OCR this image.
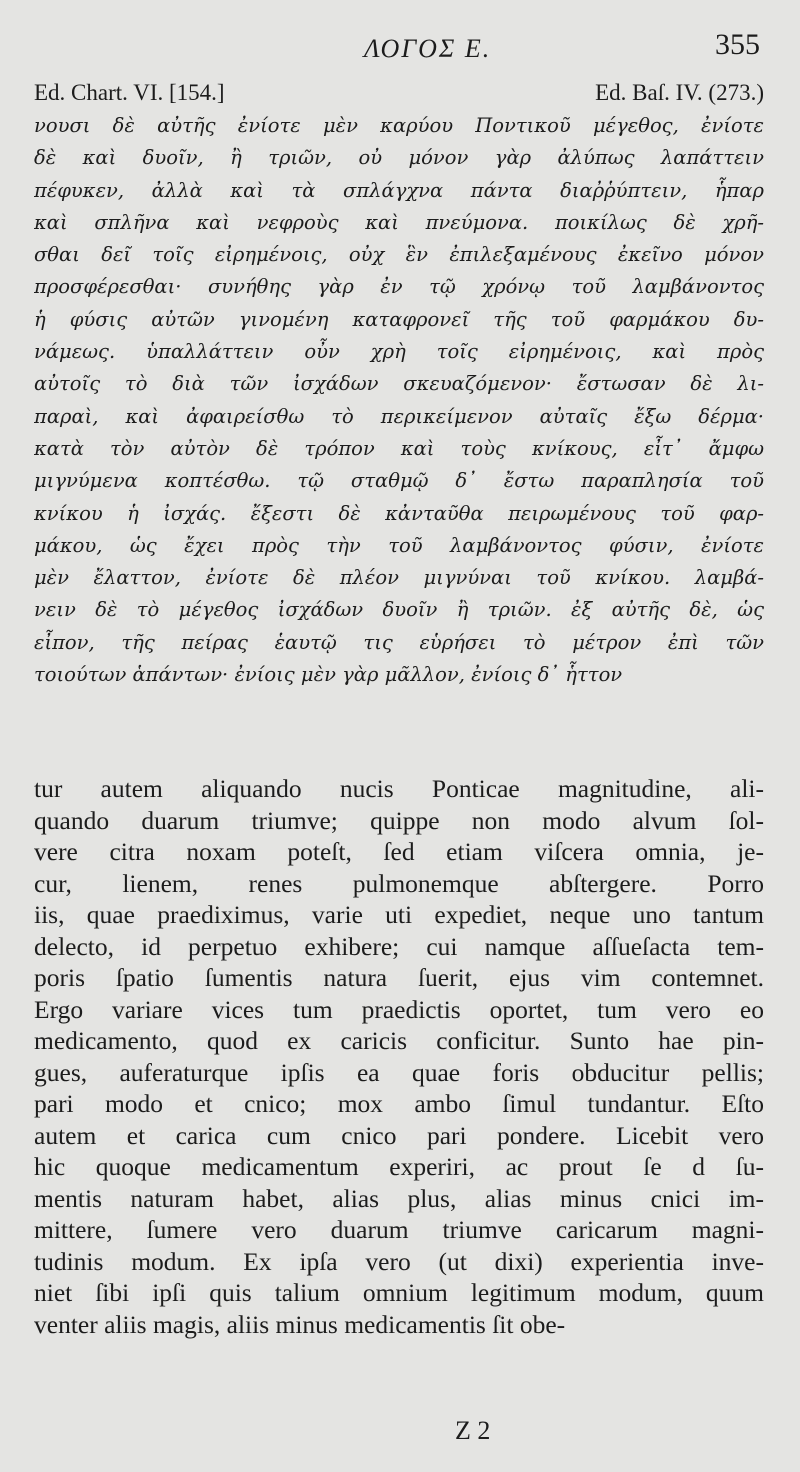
ΛΟΓΟΣ Ε.	355
Ed. Chart. VI. [154.]	Ed. Baſ. IV. (273.)
νουσι δὲ αὐτῆς ἐνίοτε μὲν καρύου Ποντικοῦ μέγεθος, ἐνίοτε
δὲ καὶ δυοῖν, ἢ τριῶν, οὐ μόνον γὰρ ἀλύπως λαπάττειν
πέφυκεν, ἀλλὰ καὶ τὰ σπλάγχνα πάντα διαῤῥύπτειν, ἧπαρ
καὶ σπλῆνα καὶ νεφροὺς καὶ πνεύμονα. ποικίλως δὲ χρῆ-
σθαι δεῖ τοῖς εἰρημένοις, οὐχ ἓν ἐπιλεξαμένους ἐκεῖνο μόνον
προσφέρεσθαι· συνήθης γὰρ ἐν τῷ χρόνῳ τοῦ λαμβάνοντος
ἡ φύσις αὐτῶν γινομένη καταφρονεῖ τῆς τοῦ φαρμάκου δυ-
νάμεως. ὑπαλλάττειν οὖν χρὴ τοῖς εἰρημένοις, καὶ πρὸς
αὐτοῖς τὸ διὰ τῶν ἰσχάδων σκευαζόμενον· ἔστωσαν δὲ λι-
παραὶ, καὶ ἀφαιρείσθω τὸ περικείμενον αὐταῖς ἔξω δέρμα·
κατὰ τὸν αὐτὸν δὲ τρόπον καὶ τοὺς κνίκους, εἶτ᾽ ἄμφω
μιγνύμενα κοπτέσθω. τῷ σταθμῷ δ᾽ ἔστω παραπλησία τοῦ
κνίκου ἡ ἰσχάς. ἔξεστι δὲ κἀνταῦθα πειρωμένους τοῦ φαρ-
μάκου, ὡς ἔχει πρὸς τὴν τοῦ λαμβάνοντος φύσιν, ἐνίοτε
μὲν ἔλαττον, ἐνίοτε δὲ πλέον μιγνύναι τοῦ κνίκου. λαμβά-
νειν δὲ τὸ μέγεθος ἰσχάδων δυοῖν ἢ τριῶν. ἐξ αὐτῆς δὲ, ὡς
εἶπον, τῆς πείρας ἑαυτῷ τις εὑρήσει τὸ μέτρον ἐπὶ τῶν
τοιούτων ἁπάντων· ἐνίοις μὲν γὰρ μᾶλλον, ἐνίοις δ᾽ ἧττον
tur autem aliquando nucis Ponticae magnitudine, ali-
quando duarum triumve; quippe non modo alvum ſol-
vere citra noxam poteſt, ſed etiam viſcera omnia, je-
cur, lienem, renes pulmonemque abſtergere. Porro
iis, quae praediximus, varie uti expediet, neque uno tantum
delecto, id perpetuo exhibere; cui namque aſſueſacta tem-
poris ſpatio ſumentis natura ſuerit, ejus vim contemnet.
Ergo variare vices tum praedictis oportet, tum vero eo
medicamento, quod ex caricis conficitur. Sunto hae pin-
gues, auferaturque ipſis ea quae foris obducitur pellis;
pari modo et cnico; mox ambo ſimul tundantur. Eſto
autem et carica cum cnico pari pondere. Licebit vero
hic quoque medicamentum experiri, ac prout ſe d ſu-
mentis naturam habet, alias plus, alias minus cnici im-
mittere, ſumere vero duarum triumve caricarum magni-
tudinis modum. Ex ipſa vero (ut dixi) experientia inve-
niet ſibi ipſi quis talium omnium legitimum modum, quum
venter aliis magis, aliis minus medicamentis ſit obe-
Z 2
